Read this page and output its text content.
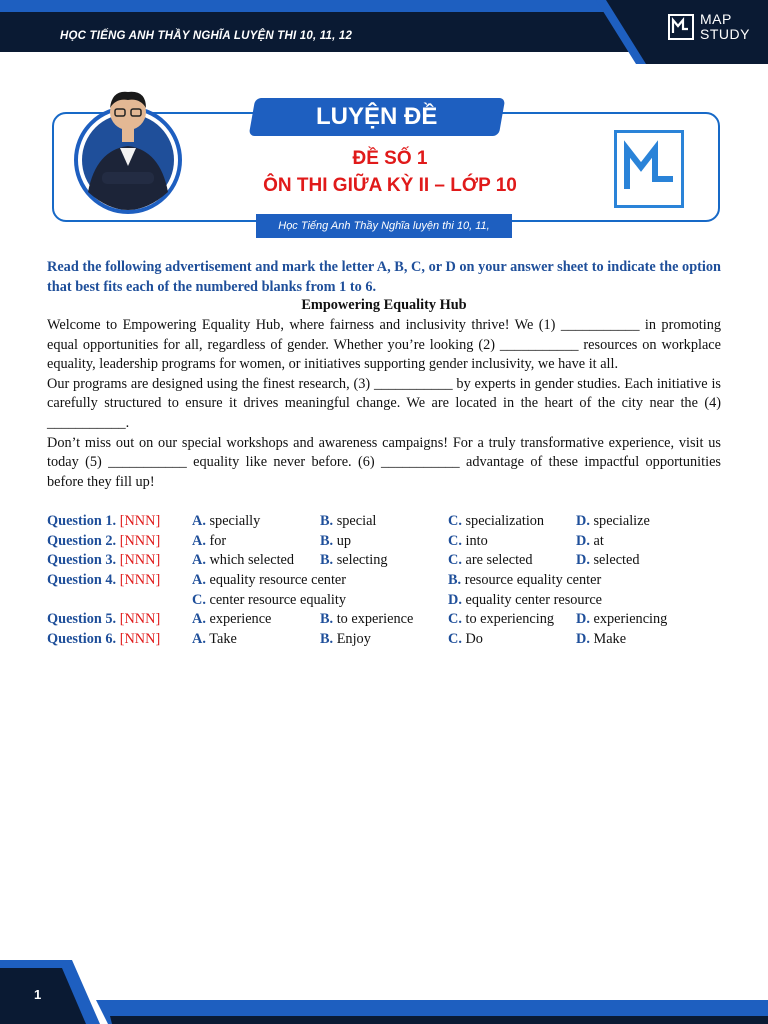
HỌC TIẾNG ANH THẦY NGHĨA LUYỆN THI 10, 11, 12
MAP
STUDY
LUYỆN ĐỀ
ĐỀ SỐ 1
ÔN THI GIỮA KỲ II – LỚP 10
Học Tiếng Anh Thầy Nghĩa luyện thi 10, 11,
Read the following advertisement and mark the letter A, B, C, or D on your answer sheet to indicate the option that best fits each of the numbered blanks from 1 to 6.
Empowering Equality Hub

Welcome to Empowering Equality Hub, where fairness and inclusivity thrive! We (1) ___________ in promoting equal opportunities for all, regardless of gender. Whether you’re looking (2) ___________ resources on workplace equality, leadership programs for women, or initiatives supporting gender inclusivity, we have it all.

Our programs are designed using the finest research, (3) ___________ by experts in gender studies. Each initiative is carefully structured to ensure it drives meaningful change. We are located in the heart of the city near the (4) ___________.

Don’t miss out on our special workshops and awareness campaigns! For a truly transformative experience, visit us today (5) ___________ equality like never before. (6) ___________ advantage of these impactful opportunities before they fill up!

Question 1. [NNN] A. specially	B. special	C. specialization D. specialize
Question 2. [NNN] A. for	B. up	C. into	D. at
Question 3. [NNN] A. which selected B. selecting	C. are selected	D. selected
Question 4. [NNN] A. equality resource center	B. resource equality center
C. center resource equality	D. equality center resource
Question 5. [NNN] A. experience	B. to experience C. to experiencing D. experiencing
Question 6. [NNN] A. Take	B. Enjoy	C. Do	D. Make
1
